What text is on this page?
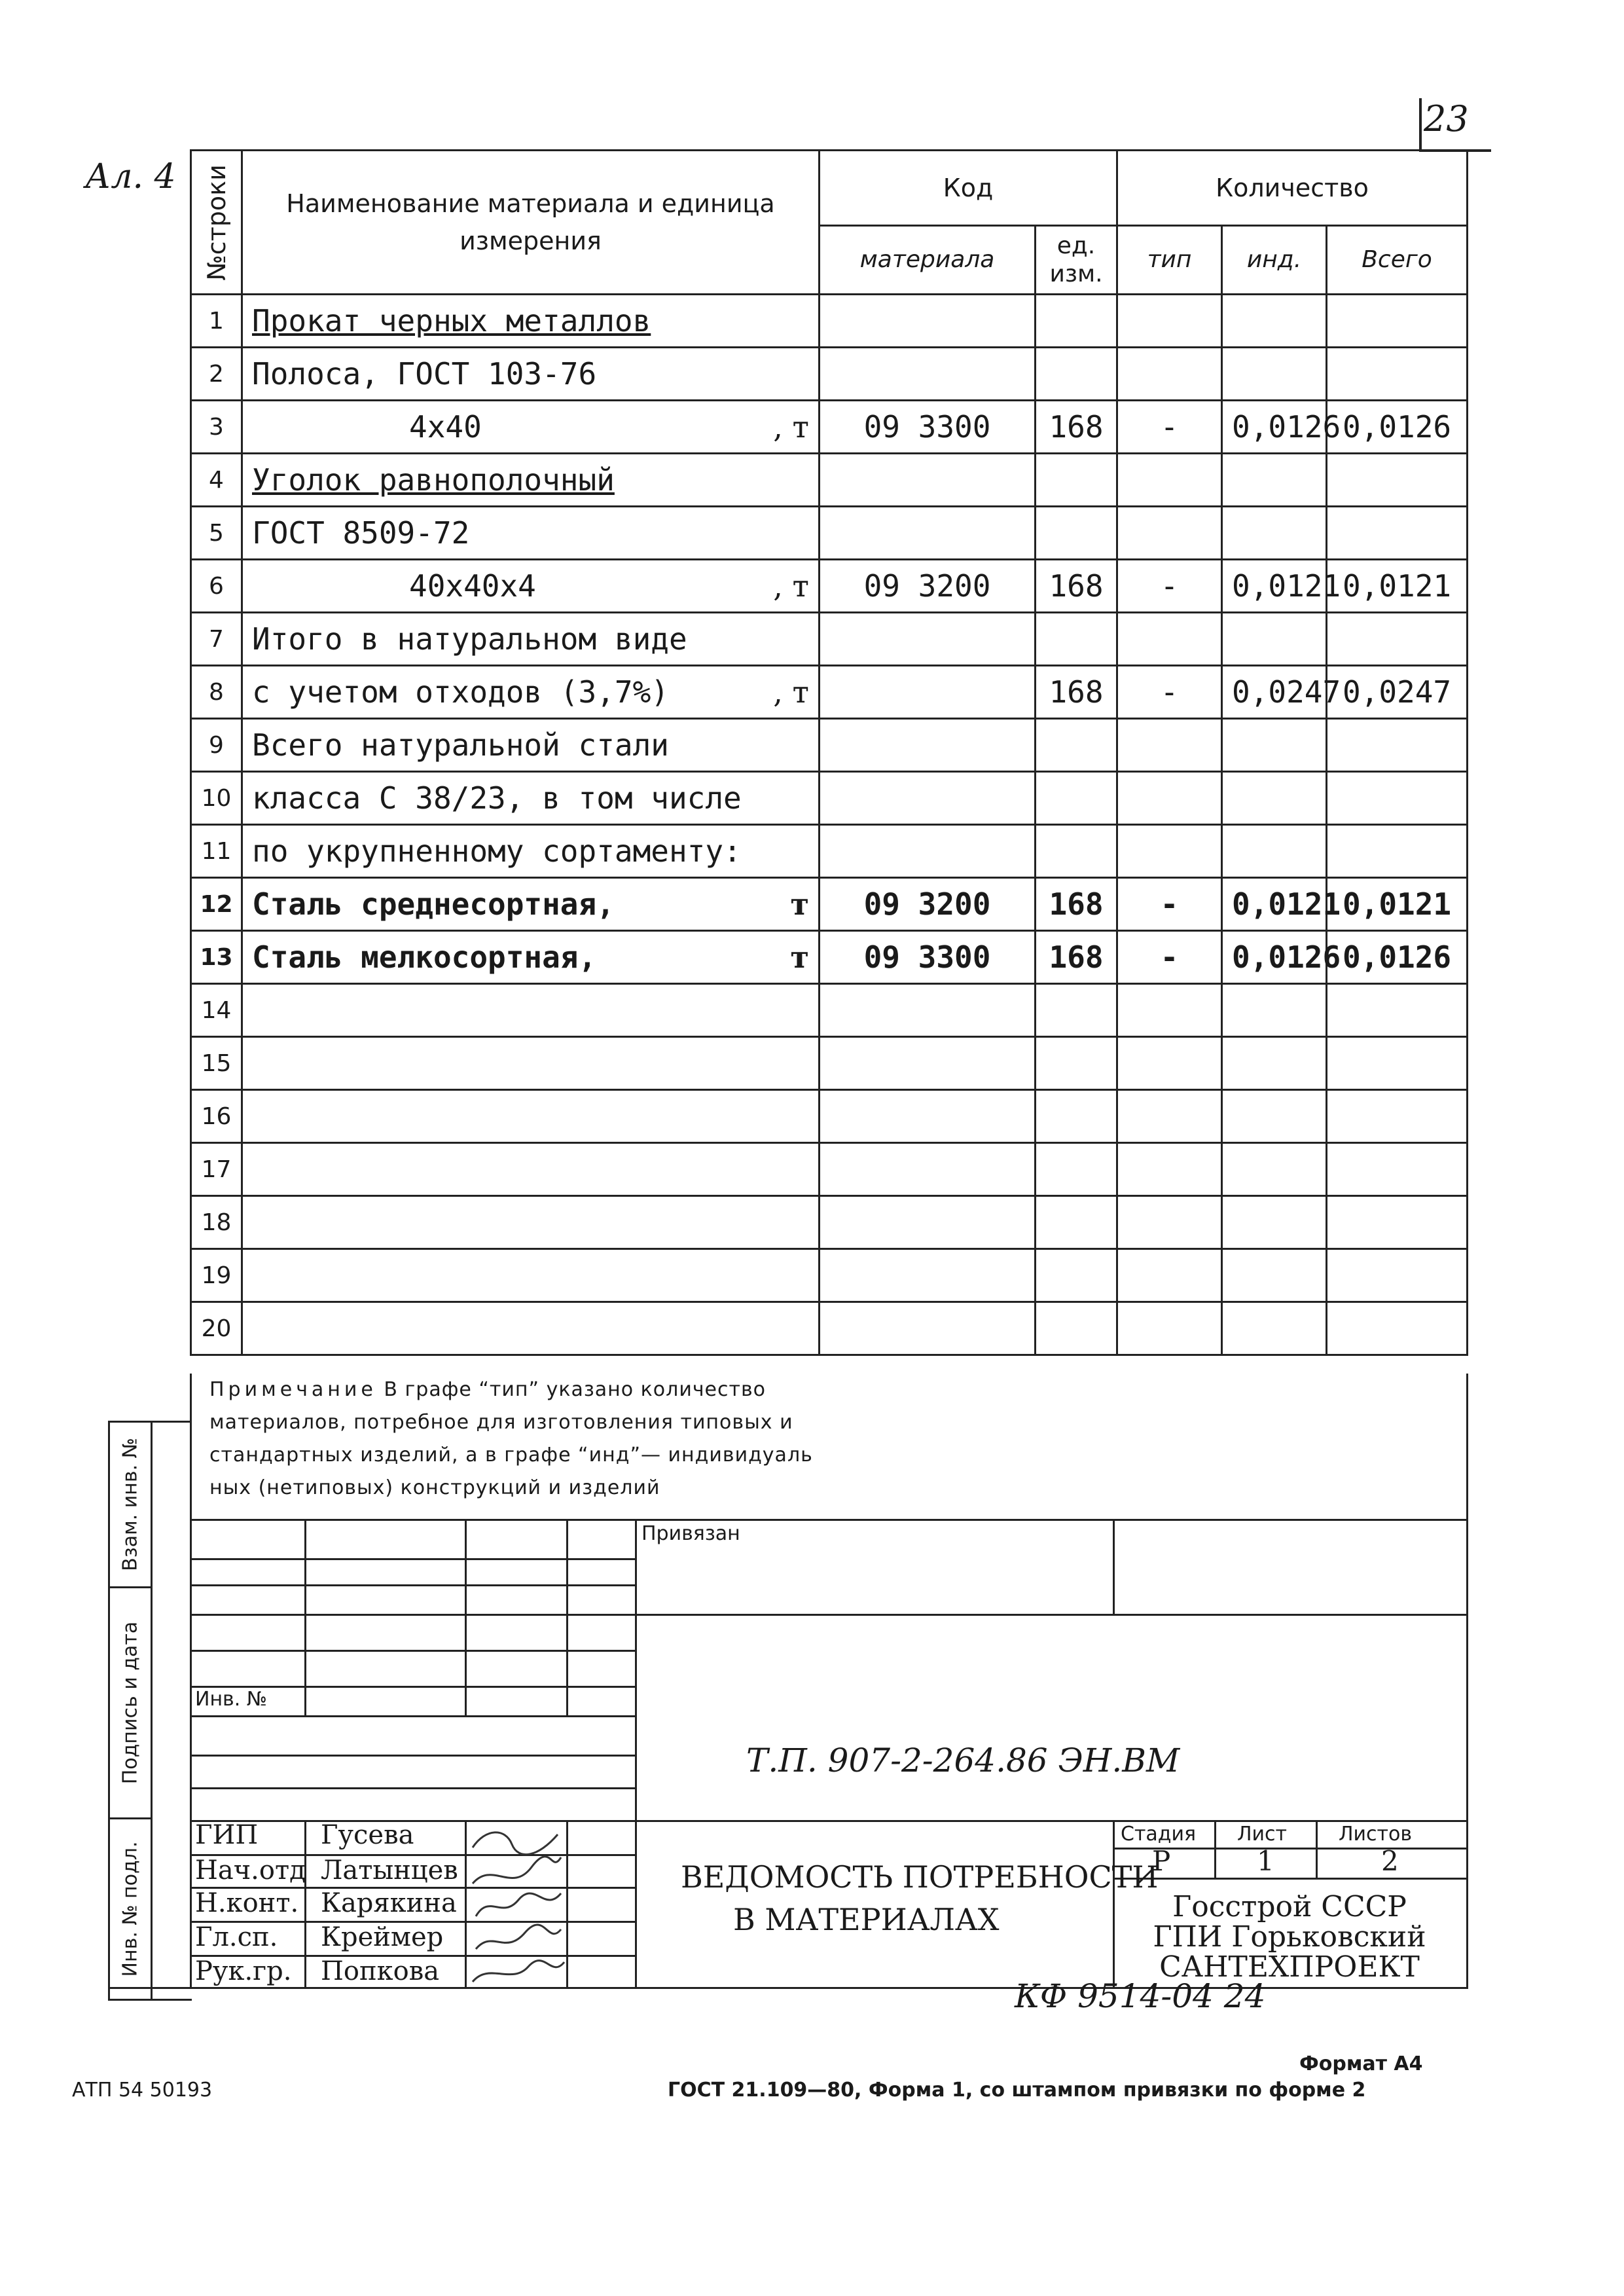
23
Ал. 4 №строки	Наименование материала и единица измерения	Код		Количество		
		материала	ед. изм.	тип	инд.	Всего
1	Прокат черных металлов

2	Полоса, ГОСТ 103-76

3	4х40 , т	09 3300	168	-	0,0126	0,0126
4	Уголок равнополочный

5	ГОСТ 8509-72

6	40х40х4 , т	09 3200	168	-	0,0121	0,0121
7	Итого в натуральном виде

8	с учетом отходов (3,7%) , т		168	-	0,0247	0,0247
9	Всего натуральной стали

10	класса С 38/23, в том числе

11	по укрупненному сортаменту:

12	Сталь среднесортная, т	09 3200	168	-	0,0121	0,0121
13	Сталь мелкосортная, т	09 3300	168	-	0,0126	0,0126
14	

15	

16	

17	

18	

19	

20	

Примечание В графе “тип” указано количество
материалов, потребное для изготовления типовых и
стандартных изделий, а в графе “инд”— индивидуаль
ных (нетиповых) конструкций и изделий
Взам. инв. №
Подпись и дата
Инв. № подл.
Привязан
Инв. №
Т.П. 907-2-264.86 ЭН.ВМ
ГИП Гусева
Нач.отд Латынцев
Н.конт. Карякина
Гл.сп. Креймер
Рук.гр. Попкова
ВЕДОМОСТЬ ПОТРЕБНОСТИ
В МАТЕРИАЛАХ
Стадия Лист	Листов
Р	1	2
Госстрой СССР
ГПИ Горьковский
САНТЕХПРОЕКТ
КФ 9514-04 24
Формат А4
АТП 54 50193	ГОСТ 21.109—80, Форма 1, со штампом привязки по форме 2
